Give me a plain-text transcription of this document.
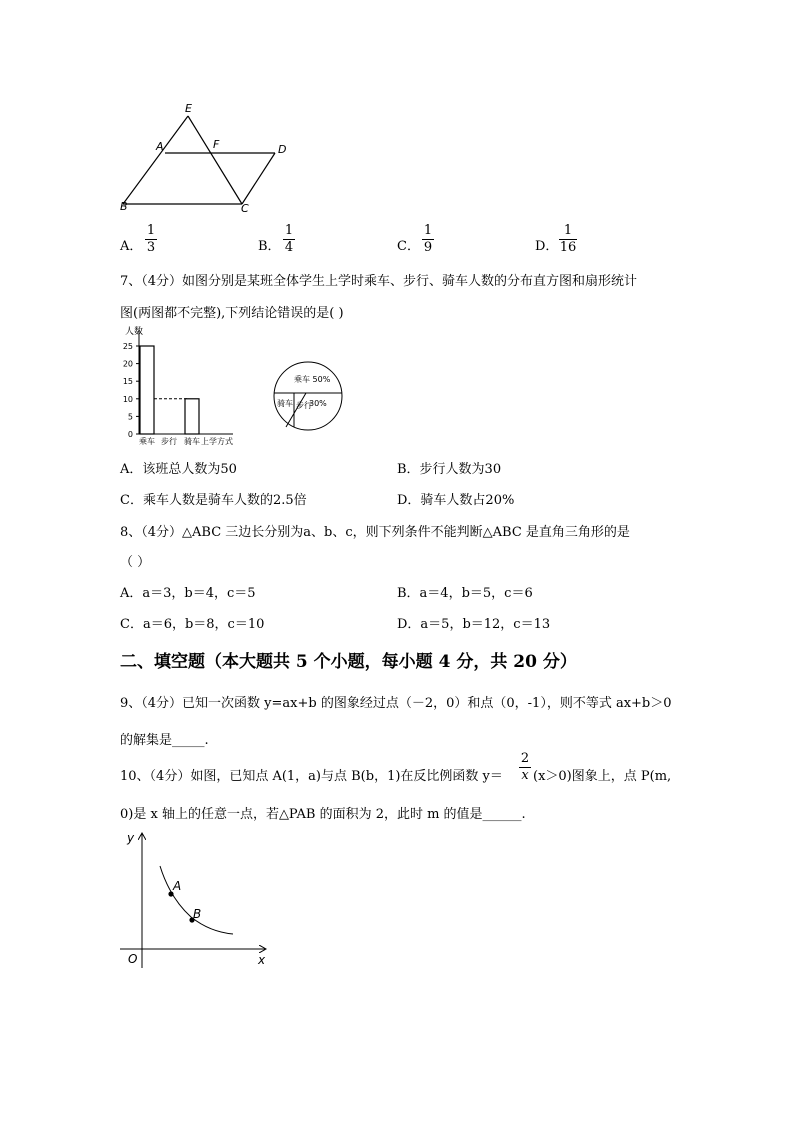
E
A	F	D
B	C
A．
1
3	B．
1
4	C．
1
9	D．
1
16
7、（4分）如图分别是某班全体学生上学时乘车、步行、骑车人数的分布直方图和扇形统计
图(两图都不完整),下列结论错误的是( )
人数
0
5
10
15
20
25
乘车 步行 骑车 上学方式
乘车 50%
骑车 步行
30%
A．该班总人数为50	B．步行人数为30
C．乘车人数是骑车人数的2.5倍	D．骑车人数占20%
8、（4分）△ABC 三边长分别为a、b、c，则下列条件不能判断△ABC 是直角三角形的是
（ ）
A．a＝3，b＝4，c＝5	B．a＝4，b＝5，c＝6
C．a＝6，b＝8，c＝10	D．a＝5，b＝12，c＝13
二、填空题（本大题共 5 个小题，每小题 4 分，共 20 分）
9、（4分）已知一次函数 y=ax+b 的图象经过点（－2，0）和点（0，-1），则不等式 ax+b＞0
的解集是_____.
10、（4分）如图，已知点 A(1，a)与点 B(b，1)在反比例函数 y＝
2
x (x＞0)图象上，点 P(m,
0)是 x 轴上的任意一点，若△PAB 的面积为 2，此时 m 的值是______.
y
x
O
A
B
